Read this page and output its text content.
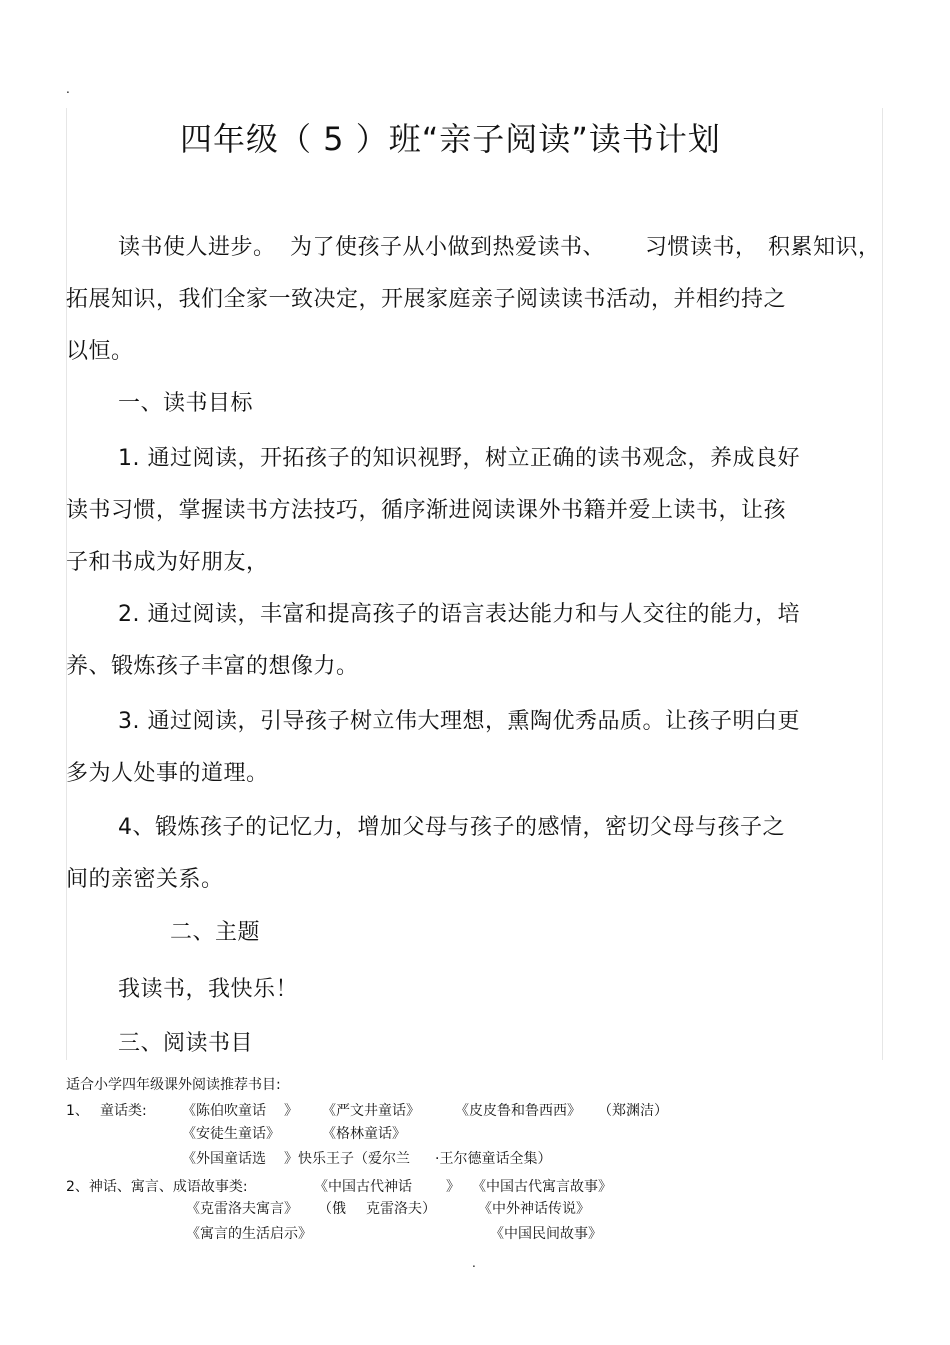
.
四年级（ 5 ）班“亲子阅读”读书计划
读书使人进步。 为了使孩子从小做到热爱读书、 习惯读书， 积累知识，
拓展知识，我们全家一致决定，开展家庭亲子阅读读书活动，并相约持之
以恒。
一、读书目标
1. 通过阅读，开拓孩子的知识视野，树立正确的读书观念，养成良好
读书习惯，掌握读书方法技巧，循序渐进阅读课外书籍并爱上读书，让孩
子和书成为好朋友，
2. 通过阅读，丰富和提高孩子的语言表达能力和与人交往的能力，培
养、锻炼孩子丰富的想像力。
3. 通过阅读，引导孩子树立伟大理想，熏陶优秀品质。让孩子明白更
多为人处事的道理。
4、锻炼孩子的记忆力，增加父母与孩子的感情，密切父母与孩子之
间的亲密关系。
二、主题
我读书，我快乐！
三、阅读书目
适合小学四年级课外阅读推荐书目:
1、 童话类:	《陈伯吹童话 》 《严文井童话》	《皮皮鲁和鲁西西》 （郑渊洁）
《安徒生童话》	《格林童话》
《外国童话选 》快乐王子（爱尔兰 ·王尔德童话全集）
2、神话、寓言、成语故事类:	《中国古代神话 》 《中国古代寓言故事》
《克雷洛夫寓言》 （俄 克雷洛夫）	《中外神话传说》
《寓言的生活启示》	《中国民间故事》
.
